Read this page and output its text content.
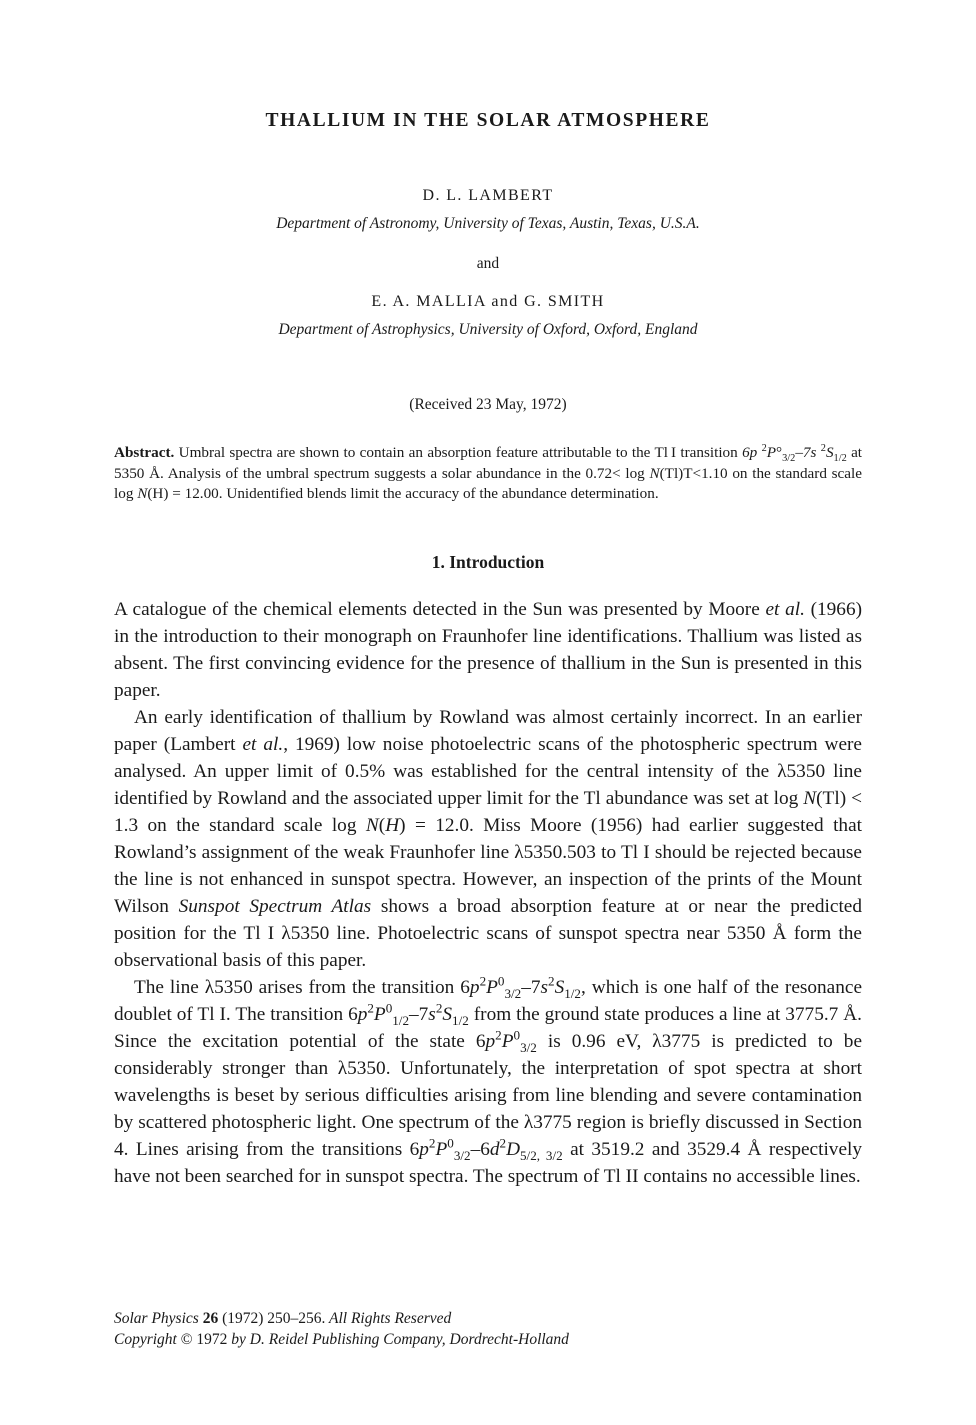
THALLIUM IN THE SOLAR ATMOSPHERE
D. L. LAMBERT
Department of Astronomy, University of Texas, Austin, Texas, U.S.A.
and
E. A. MALLIA and G. SMITH
Department of Astrophysics, University of Oxford, Oxford, England
(Received 23 May, 1972)

Abstract. Umbral spectra are shown to contain an absorption feature attributable to the Tl I transition 6p $^2P^\circ_{3/2}-7s$ $^2S_{1/2}$ at 5350 Å. Analysis of the umbral spectrum suggests a solar abundance in the 0.72< log N(Tl)T<1.10 on the standard scale log N(H) = 12.00. Unidentified blends limit the accuracy of the abundance determination.

1. Introduction

A catalogue of the chemical elements detected in the Sun was presented by Moore et al. (1966) in the introduction to their monograph on Fraunhofer line identifications. Thallium was listed as absent. The first convincing evidence for the presence of thallium in the Sun is presented in this paper.

An early identification of thallium by Rowland was almost certainly incorrect. In an earlier paper (Lambert et al., 1969) low noise photoelectric scans of the photospheric spectrum were analysed. An upper limit of 0.5% was established for the central intensity of the λ5350 line identified by Rowland and the associated upper limit for the Tl abundance was set at log N(Tl) < 1.3 on the standard scale log N(H) = 12.0. Miss Moore (1956) had earlier suggested that Rowland’s assignment of the weak Fraunhofer line λ5350.503 to Tl I should be rejected because the line is not enhanced in sunspot spectra. However, an inspection of the prints of the Mount Wilson Sunspot Spectrum Atlas shows a broad absorption feature at or near the predicted position for the Tl I λ5350 line. Photoelectric scans of sunspot spectra near 5350 Å form the observational basis of this paper.

The line λ5350 arises from the transition $6p^2P^0_{3/2}-7s^2S_{1/2}$, which is one half of the resonance doublet of Tl I. The transition $6p^2P^0_{1/2}-7s^2S_{1/2}$ from the ground state produces a line at 3775.7 Å. Since the excitation potential of the state $6p^2P^0_{3/2}$ is 0.96 eV, λ3775 is predicted to be considerably stronger than λ5350. Unfortunately, the interpretation of spot spectra at short wavelengths is beset by serious difficulties arising from line blending and severe contamination by scattered photospheric light. One spectrum of the λ3775 region is briefly discussed in Section 4. Lines arising from the transitions $6p^2P^0_{3/2}-6d^2D_{5/2, 3/2}$ at 3519.2 and 3529.4 Å respectively have not been searched for in sunspot spectra. The spectrum of Tl II contains no accessible lines.

Solar Physics 26 (1972) 250–256. All Rights Reserved
Copyright © 1972 by D. Reidel Publishing Company, Dordrecht-Holland
